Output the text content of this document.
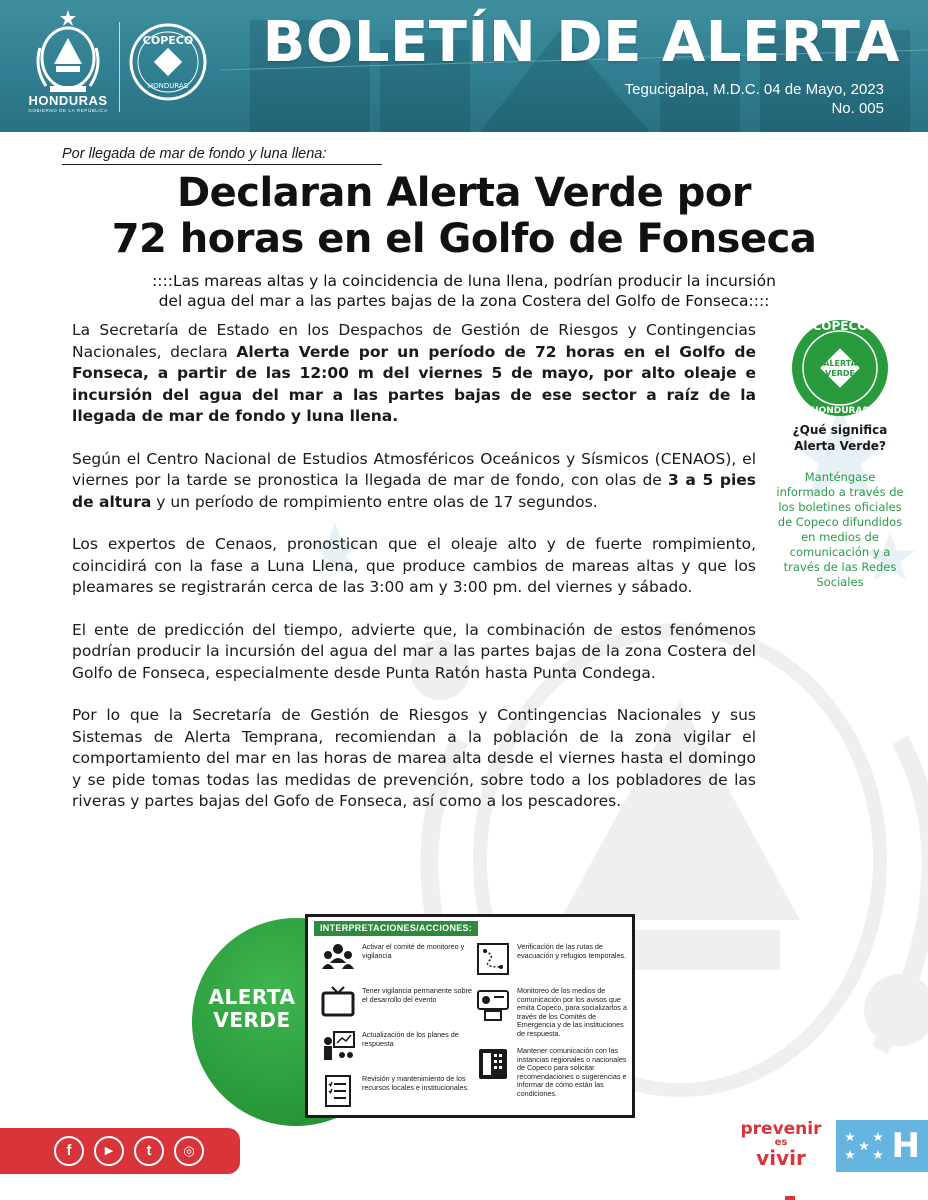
HONDURAS
GOBIERNO DE LA REPÚBLICA
COPECO
HONDURAS
BOLETÍN DE ALERTA
Tegucigalpa, M.D.C. 04 de Mayo, 2023
No. 005
Por llegada de mar de fondo y luna llena:
Declaran Alerta Verde por
72 horas en el Golfo de Fonseca
::::Las mareas altas y la coincidencia de luna llena, podrían producir la incursión
del agua del mar a las partes bajas de la zona Costera del Golfo de Fonseca::::

La Secretaría de Estado en los Despachos de Gestión de Riesgos y Contingencias Nacionales, declara Alerta Verde por un período de 72 horas en el Golfo de Fonseca, a partir de las 12:00 m del viernes 5 de mayo, por alto oleaje e incursión del agua del mar a las partes bajas de ese sector a raíz de la llegada de mar de fondo y luna llena.

Según el Centro Nacional de Estudios Atmosféricos Oceánicos y Sísmicos (CENAOS), el viernes por la tarde se pronostica la llegada de mar de fondo, con olas de 3 a 5 pies de altura y un período de rompimiento entre olas de 17 segundos.

Los expertos de Cenaos, pronostican que el oleaje alto y de fuerte rompimiento, coincidirá con la fase a Luna Llena, que produce cambios de mareas altas y que los pleamares se registrarán cerca de las 3:00 am y 3:00 pm. del viernes y sábado.

El ente de predicción del tiempo, advierte que, la combinación de estos fenómenos podrían producir la incursión del agua del mar a las partes bajas de la zona Costera del Golfo de Fonseca, especialmente desde Punta Ratón hasta Punta Condega.

Por lo que la Secretaría de Gestión de Riesgos y Contingencias Nacionales y sus Sistemas de Alerta Temprana, recomiendan a la población de la zona vigilar el comportamiento del mar en las horas de marea alta desde el viernes hasta el domingo y se pide tomas todas las medidas de prevención, sobre todo a los pobladores de las riveras y partes bajas del Gofo de Fonseca, así como a los pescadores.

ALERTA
VERDE
COPECO
HONDURAS
¿Qué significa Alerta Verde?
Manténgase informado a través de los boletines oficiales de Copeco difundidos en medios de comunicación y a través de las Redes Sociales
ALERTA
VERDE
INTERPRETACIONES/ACCIONES:
Activar el comité de monitoreo y vigilancia
Tener vigilancia permanente sobre el desarrollo del evento
Actualización de los planes de respuesta
Revisión y mantenimiento de los recursos locales e institucionales.
Verificación de las rutas de evacuación y refugios temporales.
Monitoreo de los medios de comunicación por los avisos que emita Copeco, para socializarlos a través de los Comités de Emergencia y de las instituciones de respuesta.
Mantener comunicación con las instancias regionales o nacionales de Copeco para solicitar recomendaciones o sugerencias e informar de cómo están las condiciones.
f	▶	t	◎
prevenir
es
vivir	H
